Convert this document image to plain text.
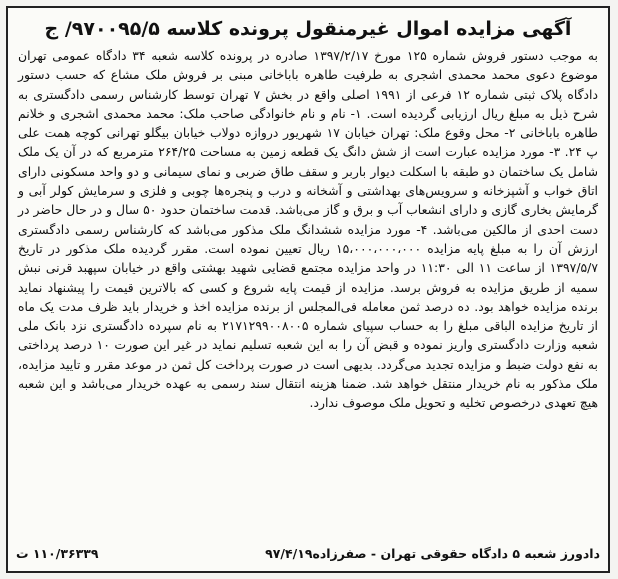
آگهی مزایده اموال غیرمنقول پرونده کلاسه ۹۷۰۰۹۵/۵/ ج
به موجب دستور فروش شماره ۱۲۵ مورخ ۱۳۹۷/۲/۱۷ صادره در پرونده کلاسه شعبه ۳۴ دادگاه عمومی تهران موضوع دعوی محمد محمدی اشجری به طرفیت طاهره باباخانی مبنی بر فروش ملک مشاع که حسب دستور دادگاه پلاک ثبتی شماره ۱۲ فرعی از ۱۹۹۱ اصلی واقع در بخش ۷ تهران توسط کارشناس رسمی دادگستری به شرح ذیل به مبلغ ریال ارزیابی گردیده است. ۱- نام و نام خانوادگی صاحب ملک: محمد محمدی اشجری و خلانم طاهره باباخانی ۲- محل وقوع ملک: تهران خیابان ۱۷ شهریور دروازه دولاب خیابان بیگلو تهرانی کوچه همت علی پ ۲۴. ۳- مورد مزایده عبارت است از شش دانگ یک قطعه زمین به مساحت ۲۶۴/۲۵ مترمربع که در آن یک ملک شامل یک ساختمان دو طبقه با اسکلت دیوار باربر و سقف طاق ضربی و نمای سیمانی و دو واحد مسکونی دارای اتاق خواب و آشپزخانه و سرویس‌های بهداشتی و آشخانه و درب و پنجره‌ها چوبی و فلزی و سرمایش کولر آبی و گرمایش بخاری گازی و دارای انشعاب آب و برق و گاز می‌باشد. قدمت ساختمان حدود ۵۰ سال و در حال حاضر در دست احدی از مالکین می‌باشد. ۴- مورد مزایده ششدانگ ملک مذکور می‌باشد که کارشناس رسمی دادگستری ارزش آن را به مبلغ پایه مزایده ۱۵،۰۰۰،۰۰۰،۰۰۰ ریال تعیین نموده است. مقرر گردیده ملک مذکور در تاریخ ۱۳۹۷/۵/۷ از ساعت ۱۱ الی ۱۱:۳۰ در واحد مزایده مجتمع قضایی شهید بهشتی واقع در خیابان سپهبد قرنی نبش سمیه از طریق مزایده به فروش برسد. مزایده از قیمت پایه شروع و کسی که بالاترین قیمت را پیشنهاد نماید برنده مزایده خواهد بود. ده درصد ثمن معامله فی‌المجلس از برنده مزایده اخذ و خریدار باید ظرف مدت یک ماه از تاریخ مزایده الباقی مبلغ را به حساب سپیای شماره ۲۱۷۱۲۹۹۰۰۸۰۰۵ به نام سپرده دادگستری نزد بانک ملی شعبه وزارت دادگستری واریز نموده و قبض آن را به این شعبه تسلیم نماید در غیر این صورت ۱۰ درصد پرداختی به نفع دولت ضبط و مزایده تجدید می‌گردد. بدیهی است در صورت پرداخت کل ثمن در موعد مقرر و تایید مزایده، ملک مذکور به نام خریدار منتقل خواهد شد. ضمنا هزینه انتقال سند رسمی به عهده خریدار می‌باشد و این شعبه هیچ تعهدی درخصوص تخلیه و تحویل ملک موصوف ندارد.
دادورز شعبه ۵ دادگاه حقوقی تهران - صفرزاده۹۷/۴/۱۹
۱۱۰/۳۶۳۳۹ ت
